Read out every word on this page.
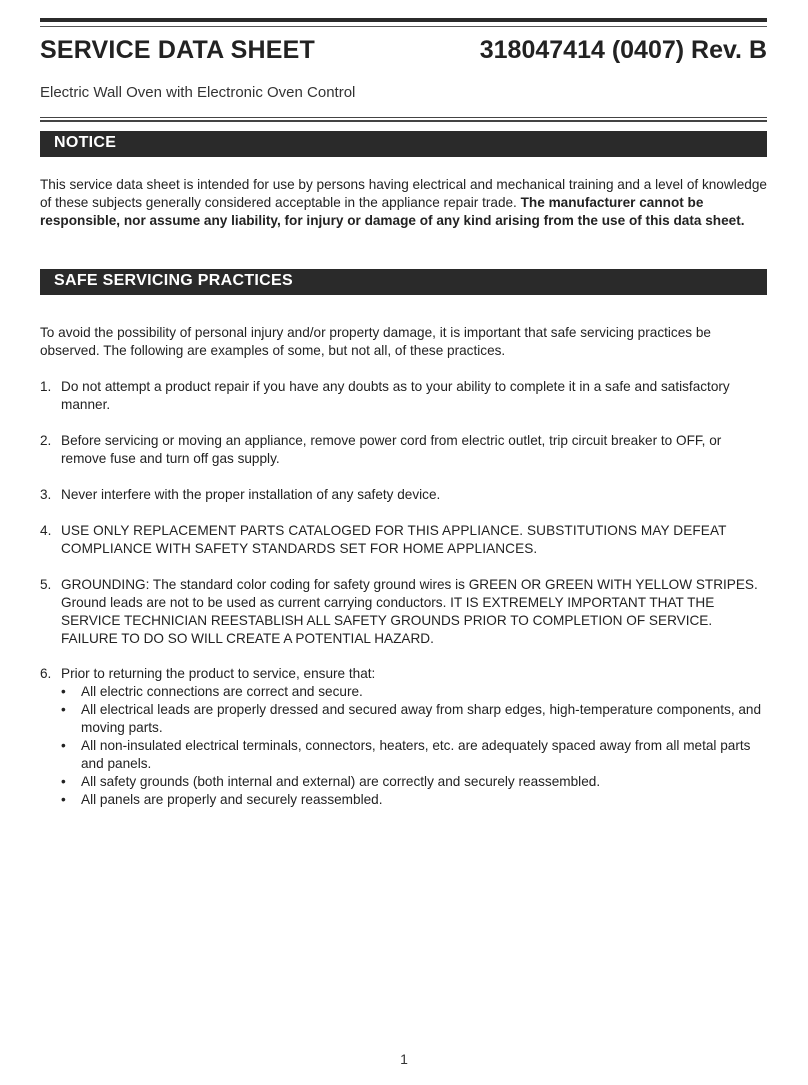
SERVICE DATA SHEET	318047414 (0407) Rev. B
Electric Wall Oven with Electronic Oven Control
NOTICE
This service data sheet is intended for use by persons having electrical and mechanical training and a level of knowledge of these subjects generally considered acceptable in the appliance repair trade. The manufacturer cannot be responsible, nor assume any liability, for injury or damage of any kind arising from the use of this data sheet.
SAFE SERVICING PRACTICES
To avoid the possibility of personal injury and/or property damage, it is important that safe servicing practices be observed. The following are examples of some, but not all, of these practices.
1. Do not attempt a product repair if you have any doubts as to your ability to complete it in a safe and satisfactory manner.
2. Before servicing or moving an appliance, remove power cord from electric outlet, trip circuit breaker to OFF, or remove fuse and turn off gas supply.
3. Never interfere with the proper installation of any safety device.
4. USE ONLY REPLACEMENT PARTS CATALOGED FOR THIS APPLIANCE. SUBSTITUTIONS MAY DEFEAT COMPLIANCE WITH SAFETY STANDARDS SET FOR HOME APPLIANCES.
5. GROUNDING: The standard color coding for safety ground wires is GREEN OR GREEN WITH YELLOW STRIPES. Ground leads are not to be used as current carrying conductors. IT IS EXTREMELY IMPORTANT THAT THE SERVICE TECHNICIAN REESTABLISH ALL SAFETY GROUNDS PRIOR TO COMPLETION OF SERVICE. FAILURE TO DO SO WILL CREATE A POTENTIAL HAZARD.
6. Prior to returning the product to service, ensure that:
• All electric connections are correct and secure.
• All electrical leads are properly dressed and secured away from sharp edges, high-temperature components, and moving parts.
• All non-insulated electrical terminals, connectors, heaters, etc. are adequately spaced away from all metal parts and panels.
• All safety grounds (both internal and external) are correctly and securely reassembled.
• All panels are properly and securely reassembled.
1
